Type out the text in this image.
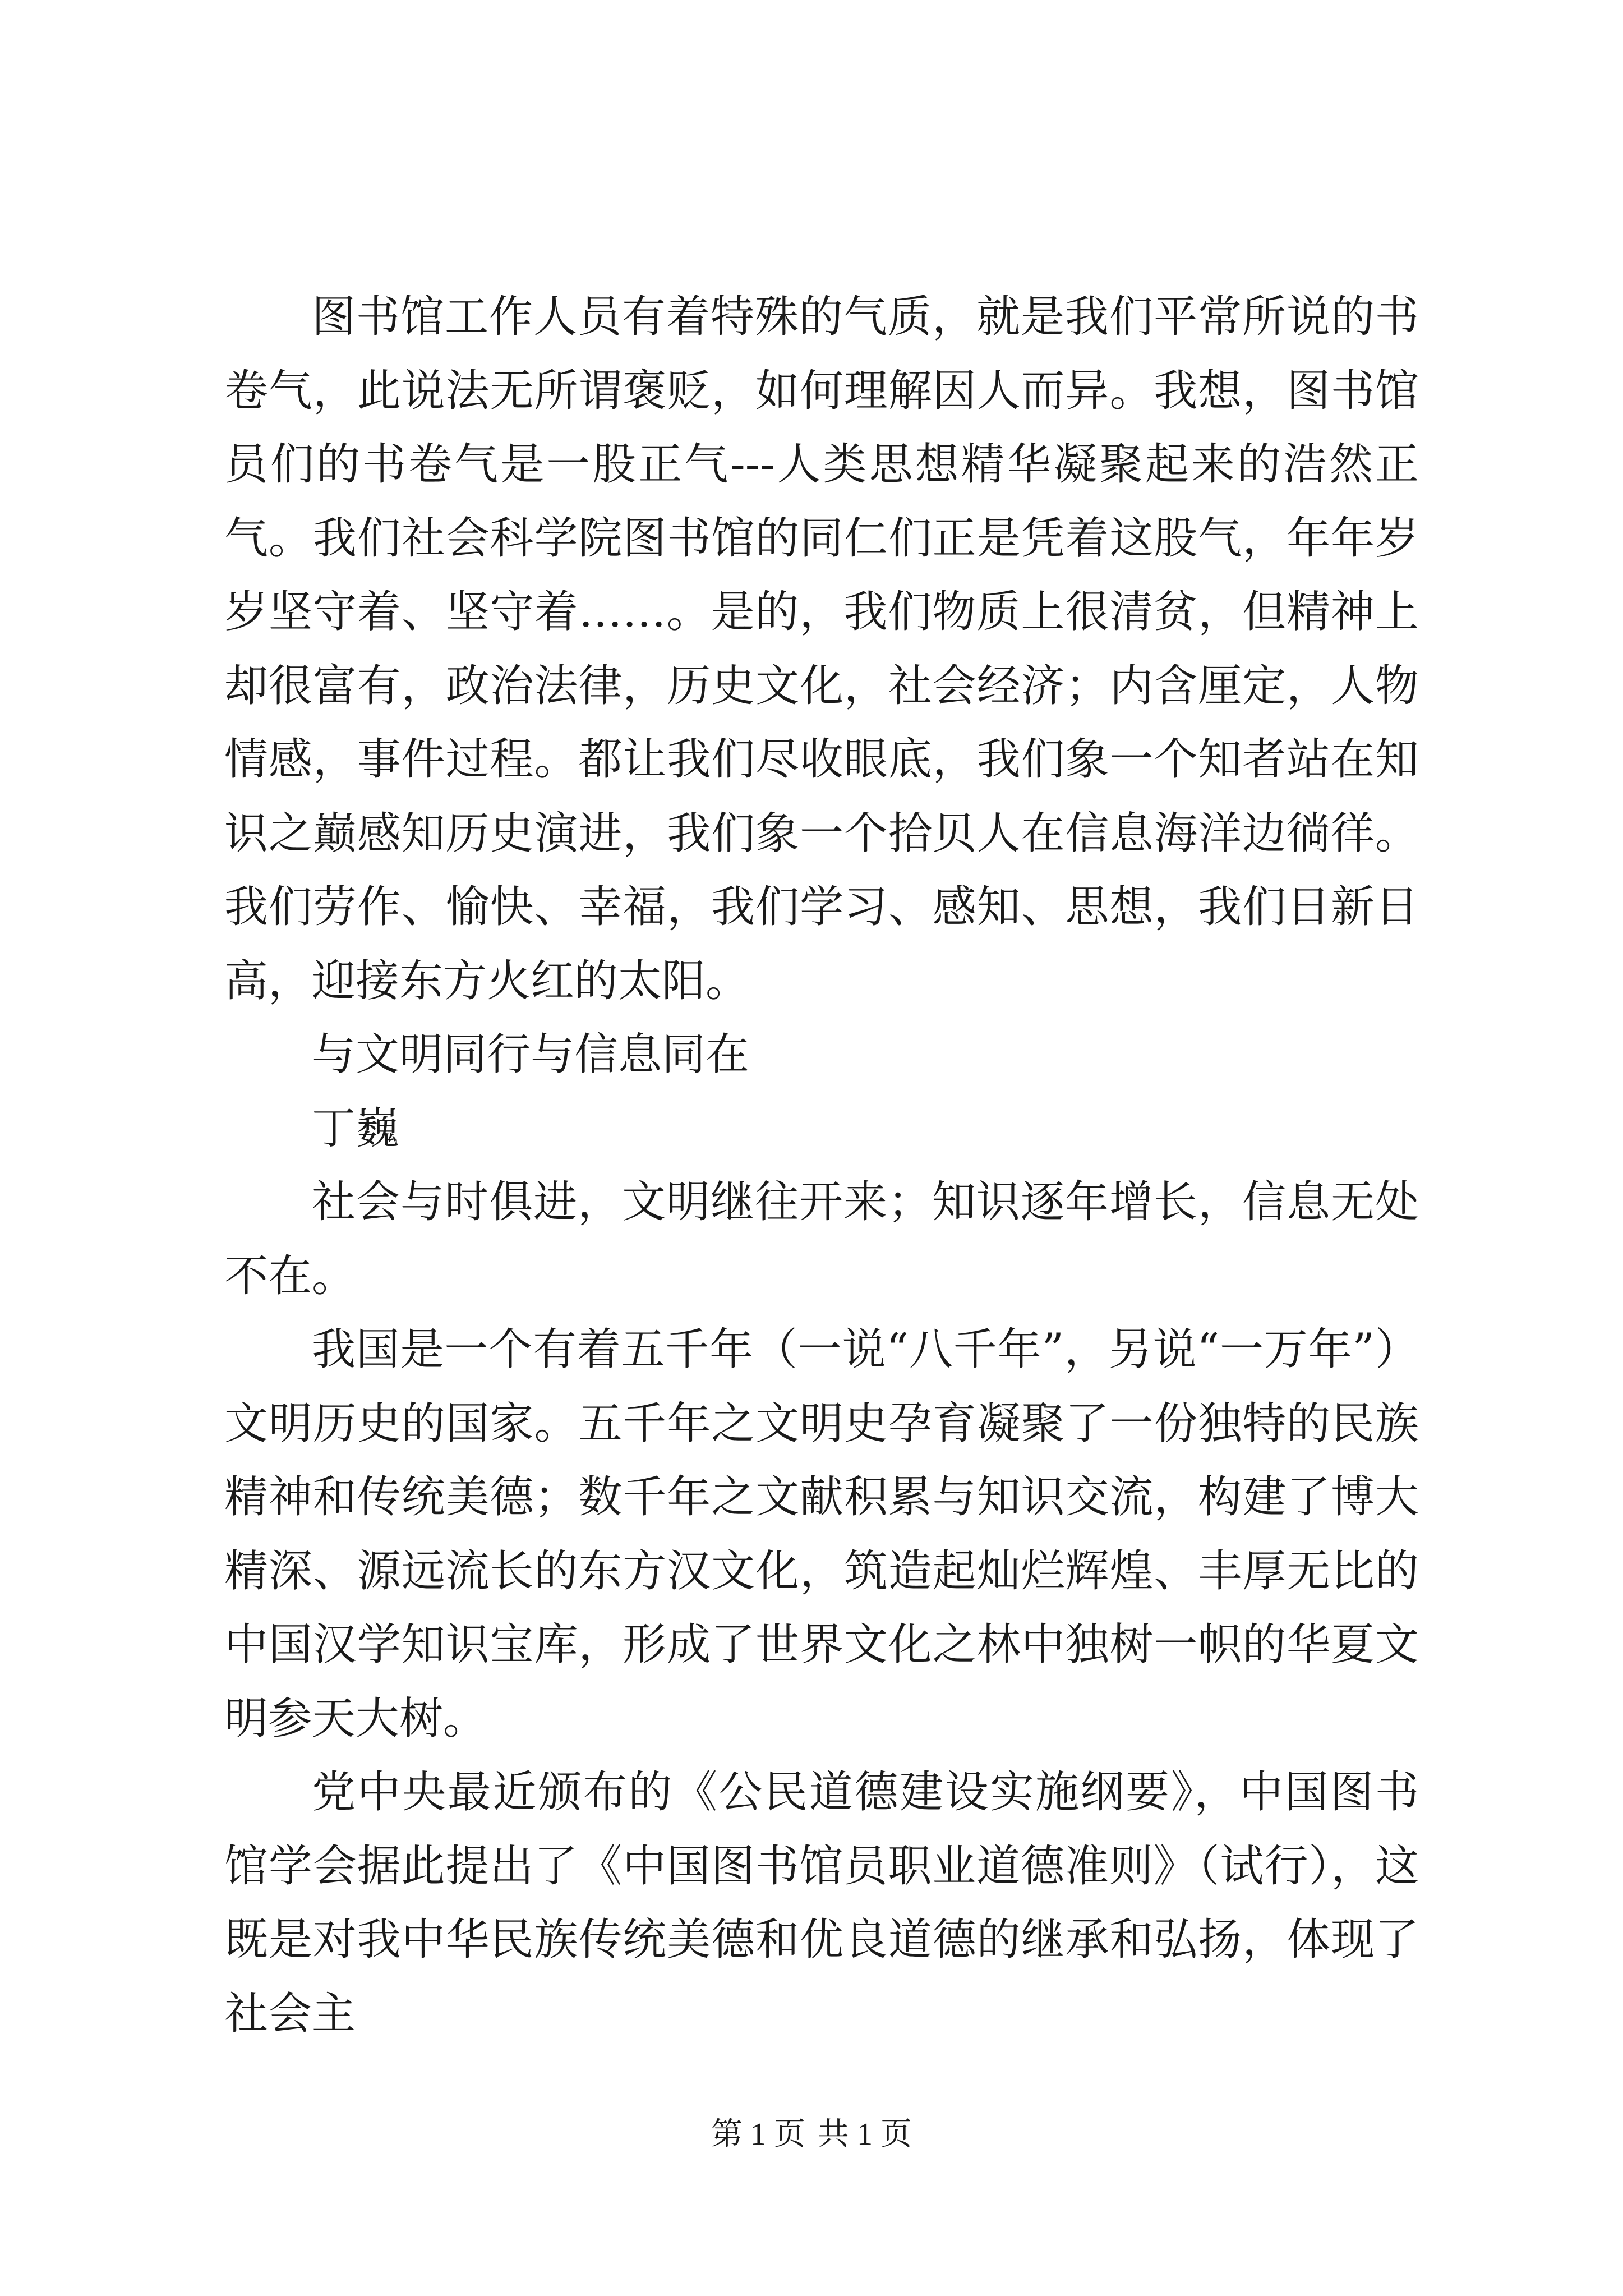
图书馆工作人员有着特殊的气质，就是我们平常所说的书卷气，此说法无所谓褒贬，如何理解因人而异。我想，图书馆员们的书卷气是一股正气---人类思想精华凝聚起来的浩然正气。我们社会科学院图书馆的同仁们正是凭着这股气，年年岁岁坚守着、坚守着……。是的，我们物质上很清贫，但精神上却很富有，政治法律，历史文化，社会经济；内含厘定，人物情感，事件过程。都让我们尽收眼底，我们象一个知者站在知识之巅感知历史演进，我们象一个拾贝人在信息海洋边徜徉。我们劳作、愉快、幸福，我们学习、感知、思想，我们日新日高，迎接东方火红的太阳。

与文明同行与信息同在

丁巍

社会与时俱进，文明继往开来；知识逐年增长，信息无处不在。

我国是一个有着五千年（一说“八千年”，另说“一万年”）文明历史的国家。五千年之文明史孕育凝聚了一份独特的民族精神和传统美德；数千年之文献积累与知识交流，构建了博大精深、源远流长的东方汉文化，筑造起灿烂辉煌、丰厚无比的中国汉学知识宝库，形成了世界文化之林中独树一帜的华夏文明参天大树。

党中央最近颁布的《公民道德建设实施纲要》，中国图书馆学会据此提出了《中国图书馆员职业道德准则》（试行），这既是对我中华民族传统美德和优良道德的继承和弘扬，体现了社会主

第 1 页 共 1 页
